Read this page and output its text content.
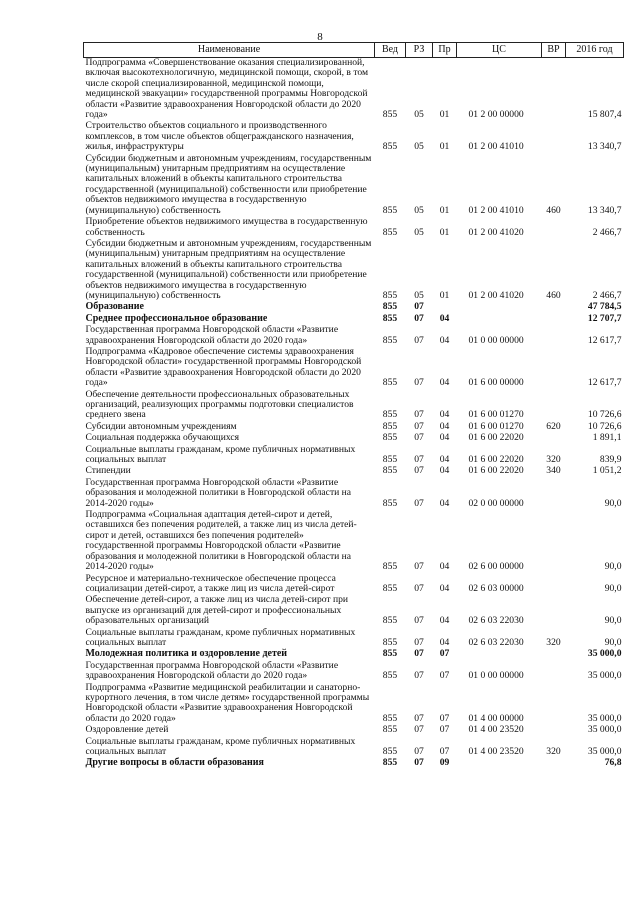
8
Наименование	Вед	РЗ	Пр	ЦС	ВР	2016 год
Подпрограмма «Совершенствование оказания специализированной, включая высокотехнологичную, медицинской помощи, скорой, в том числе скорой специализированной, медицинской помощи, медицинской эвакуации» государственной программы Новгородской области «Развитие здравоохранения Новгородской области до 2020 года»	855	05	01	01 2 00 00000		15 807,4
Строительство объектов социального и производственного комплексов, в том числе объектов общегражданского назначения, жилья, инфраструктуры	855	05	01	01 2 00 41010		13 340,7
Субсидии бюджетным и автономным учреждениям, государственным (муниципальным) унитарным предприятиям на осуществление капитальных вложений в объекты капитального строительства государственной (муниципальной) собственности или приобретение объектов недвижимого имущества в государственную (муниципальную) собственность	855	05	01	01 2 00 41010	460	13 340,7
Приобретение объектов недвижимого имущества в государственную собственность	855	05	01	01 2 00 41020		2 466,7
Субсидии бюджетным и автономным учреждениям, государственным (муниципальным) унитарным предприятиям на осуществление капитальных вложений в объекты капитального строительства государственной (муниципальной) собственности или приобретение объектов недвижимого имущества в государственную (муниципальную) собственность	855	05	01	01 2 00 41020	460	2 466,7
Образование	855	07				47 784,5
Среднее профессиональное образование	855	07	04			12 707,7
Государственная программа Новгородской области «Развитие здравоохранения Новгородской области до 2020 года»	855	07	04	01 0 00 00000		12 617,7
Подпрограмма «Кадровое обеспечение системы здравоохранения Новгородской области» государственной программы Новгородской области «Развитие здравоохранения Новгородской области до 2020 года»	855	07	04	01 6 00 00000		12 617,7
Обеспечение деятельности профессиональных образовательных организаций, реализующих программы подготовки специалистов среднего звена	855	07	04	01 6 00 01270		10 726,6
Субсидии автономным учреждениям	855	07	04	01 6 00 01270	620	10 726,6
Социальная поддержка обучающихся	855	07	04	01 6 00 22020		1 891,1
Социальные выплаты гражданам, кроме публичных нормативных социальных выплат	855	07	04	01 6 00 22020	320	839,9
Стипендии	855	07	04	01 6 00 22020	340	1 051,2
Государственная программа Новгородской области «Развитие образования и молодежной политики в Новгородской области на 2014-2020 годы»	855	07	04	02 0 00 00000		90,0
Подпрограмма «Социальная адаптация детей-сирот и детей, оставшихся без попечения родителей, а также лиц из числа детей-сирот и детей, оставшихся без попечения родителей» государственной программы Новгородской области «Развитие образования и молодежной политики в Новгородской области на 2014-2020 годы»	855	07	04	02 6 00 00000		90,0
Ресурсное и материально-техническое обеспечение процесса социализации детей-сирот, а также лиц из числа детей-сирот	855	07	04	02 6 03 00000		90,0
Обеспечение детей-сирот, а также лиц из числа детей-сирот при выпуске из организаций для детей-сирот и профессиональных образовательных организаций	855	07	04	02 6 03 22030		90,0
Социальные выплаты гражданам, кроме публичных нормативных социальных выплат	855	07	04	02 6 03 22030	320	90,0
Молодежная политика и оздоровление детей	855	07	07			35 000,0
Государственная программа Новгородской области «Развитие здравоохранения Новгородской области до 2020 года»	855	07	07	01 0 00 00000		35 000,0
Подпрограмма «Развитие медицинской реабилитации и санаторно-курортного лечения, в том числе детям» государственной программы Новгородской области «Развитие здравоохранения Новгородской области до 2020 года»	855	07	07	01 4 00 00000		35 000,0
Оздоровление детей	855	07	07	01 4 00 23520		35 000,0
Социальные выплаты гражданам, кроме публичных нормативных социальных выплат	855	07	07	01 4 00 23520	320	35 000,0
Другие вопросы в области образования	855	07	09			76,8
